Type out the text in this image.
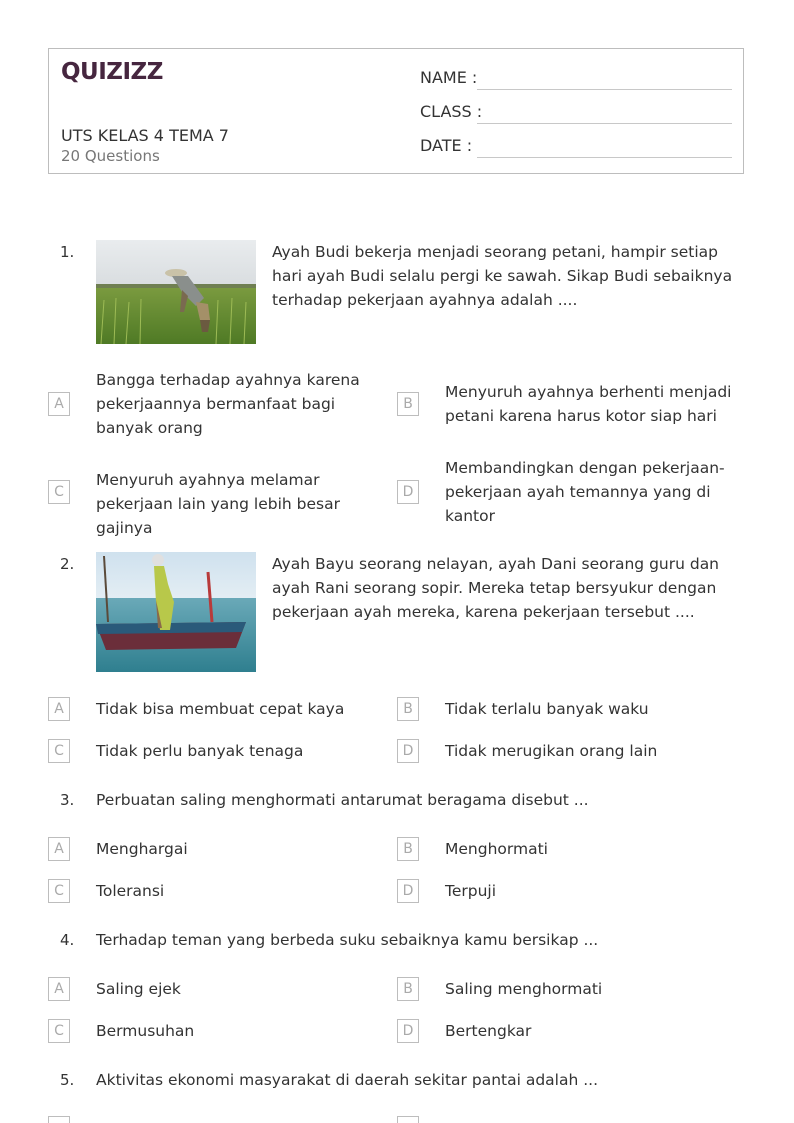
QUIZIZZ
UTS KELAS 4 TEMA 7
20 Questions
NAME :
CLASS :
DATE :
1.	Ayah Budi bekerja menjadi seorang petani, hampir setiap hari ayah Budi selalu pergi ke sawah. Sikap Budi sebaiknya terhadap pekerjaan ayahnya adalah ....
A
Bangga terhadap ayahnya karena pekerjaannya bermanfaat bagi banyak orang
B
Menyuruh ayahnya berhenti menjadi petani karena harus kotor siap hari
C
Menyuruh ayahnya melamar pekerjaan lain yang lebih besar gajinya
D
Membandingkan dengan pekerjaan-pekerjaan ayah temannya yang di kantor
2.	Ayah Bayu seorang nelayan, ayah Dani seorang guru dan ayah Rani seorang sopir. Mereka tetap bersyukur dengan pekerjaan ayah mereka, karena pekerjaan tersebut ....
A	Tidak bisa membuat cepat kaya	B	Tidak terlalu banyak waku
C	Tidak perlu banyak tenaga	D	Tidak merugikan orang lain
3. Perbuatan saling menghormati antarumat beragama disebut ...
A	Menghargai	B	Menghormati
C	Toleransi	D	Terpuji
4. Terhadap teman yang berbeda suku sebaiknya kamu bersikap ...
A	Saling ejek	B	Saling menghormati
C	Bermusuhan	D	Bertengkar
5. Aktivitas ekonomi masyarakat di daerah sekitar pantai adalah ...
